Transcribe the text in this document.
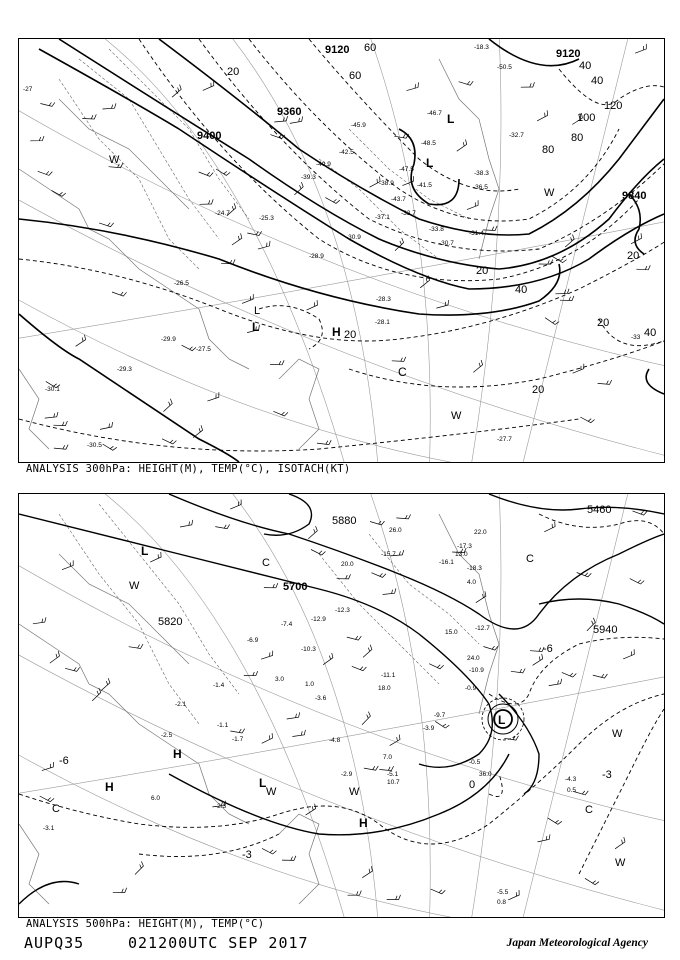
9120	9120
9360
9400
9840
20	40
60
80
100
120
20
40
20
20
20
40
60
80
20
40
L
L
L	H
C
W
W
W
L
-27
-29.3
-30.1
-30.5
-28.3
-28.1
-27.7
-26.5
-27.5
-25.3
-30.7
-29.9
-24.7
-33
-45.9
-47.5
-43.7
-41.5
-38.3
-36.5
-33.7
-31.4
-30.9
-28.9
-42.5
-40.9
-39.3
-32.7
-18.3
-50.5
-46.7
-48.5
-37.1
-38.9
-33.8
ANALYSIS 300hPa: HEIGHT(M), TEMP(°C), ISOTACH(KT)
5700
5820
5880
5460
5940
-3
-6
-3
0
-6
L
L
H
H
L
C
C
W
W
W
W
H
W
C
C
-12.3
-12.9
-15.7
-16.1
-17.3
-18.3
-10.9
-10.3
-9.7
-11.1
-12.7
-6.9
-3.9
-3.6
-2.5
-1.7
-1.1
-1.4
-2.1
-2.3
-2.9
-3.1
-4.3
-5.1
-5.5
-0.9
-0.5
13.0
20.0
22.0
18.0
15.0
7.0
4.0
6.0
3.0
1.0
0.5
0.8
26.0
24.0
36.0
10.7
-4.8
-7.4
ANALYSIS 500hPa: HEIGHT(M), TEMP(°C)
AUPQ35	021200UTC SEP 2017	Japan Meteorological Agency
